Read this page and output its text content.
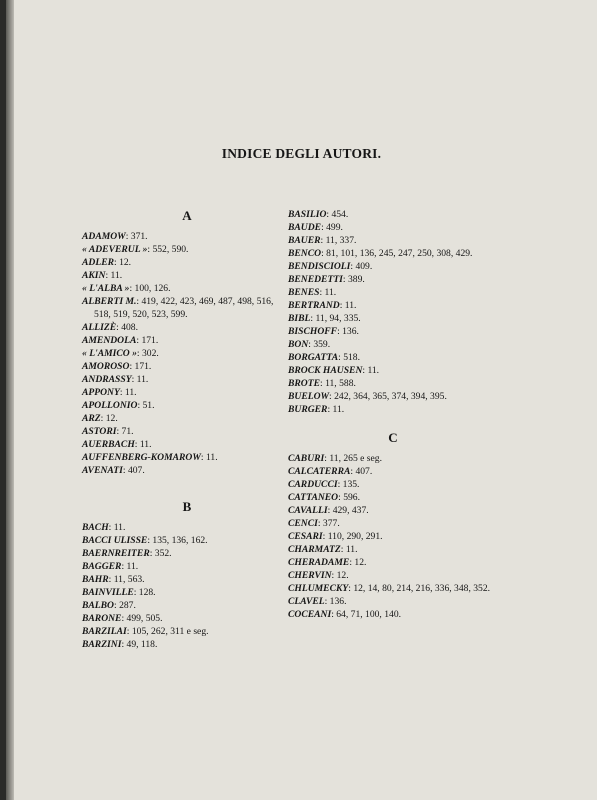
INDICE DEGLI AUTORI.
A
ADAMOW: 371.
« ADEVERUL »: 552, 590.
ADLER: 12.
AKIN: 11.
« L'ALBA »: 100, 126.
ALBERTI M.: 419, 422, 423, 469, 487, 498, 516, 518, 519, 520, 523, 599.
ALLIZÈ: 408.
AMENDOLA: 171.
« L'AMICO »: 302.
AMOROSO: 171.
ANDRASSY: 11.
APPONY: 11.
APOLLONIO: 51.
ARZ: 12.
ASTORI: 71.
AUERBACH: 11.
AUFFENBERG-KOMAROW: 11.
AVENATI: 407.
B
BACH: 11.
BACCI ULISSE: 135, 136, 162.
BAERNREITER: 352.
BAGGER: 11.
BAHR: 11, 563.
BAINVILLE: 128.
BALBO: 287.
BARONE: 499, 505.
BARZILAI: 105, 262, 311 e seg.
BARZINI: 49, 118.
BASILIO: 454.
BAUDE: 499.
BAUER: 11, 337.
BENCO: 81, 101, 136, 245, 247, 250, 308, 429.
BENDISCIOLI: 409.
BENEDETTI: 389.
BENES: 11.
BERTRAND: 11.
BIBL: 11, 94, 335.
BISCHOFF: 136.
BON: 359.
BORGATTA: 518.
BROCK HAUSEN: 11.
BROTE: 11, 588.
BUELOW: 242, 364, 365, 374, 394, 395.
BURGER: 11.
C
CABURI: 11, 265 e seg.
CALCATERRA: 407.
CARDUCCI: 135.
CATTANEO: 596.
CAVALLI: 429, 437.
CENCI: 377.
CESARI: 110, 290, 291.
CHARMATZ: 11.
CHERADAME: 12.
CHERVIN: 12.
CHLUMECKY: 12, 14, 80, 214, 216, 336, 348, 352.
CLAVEL: 136.
COCEANI: 64, 71, 100, 140.
